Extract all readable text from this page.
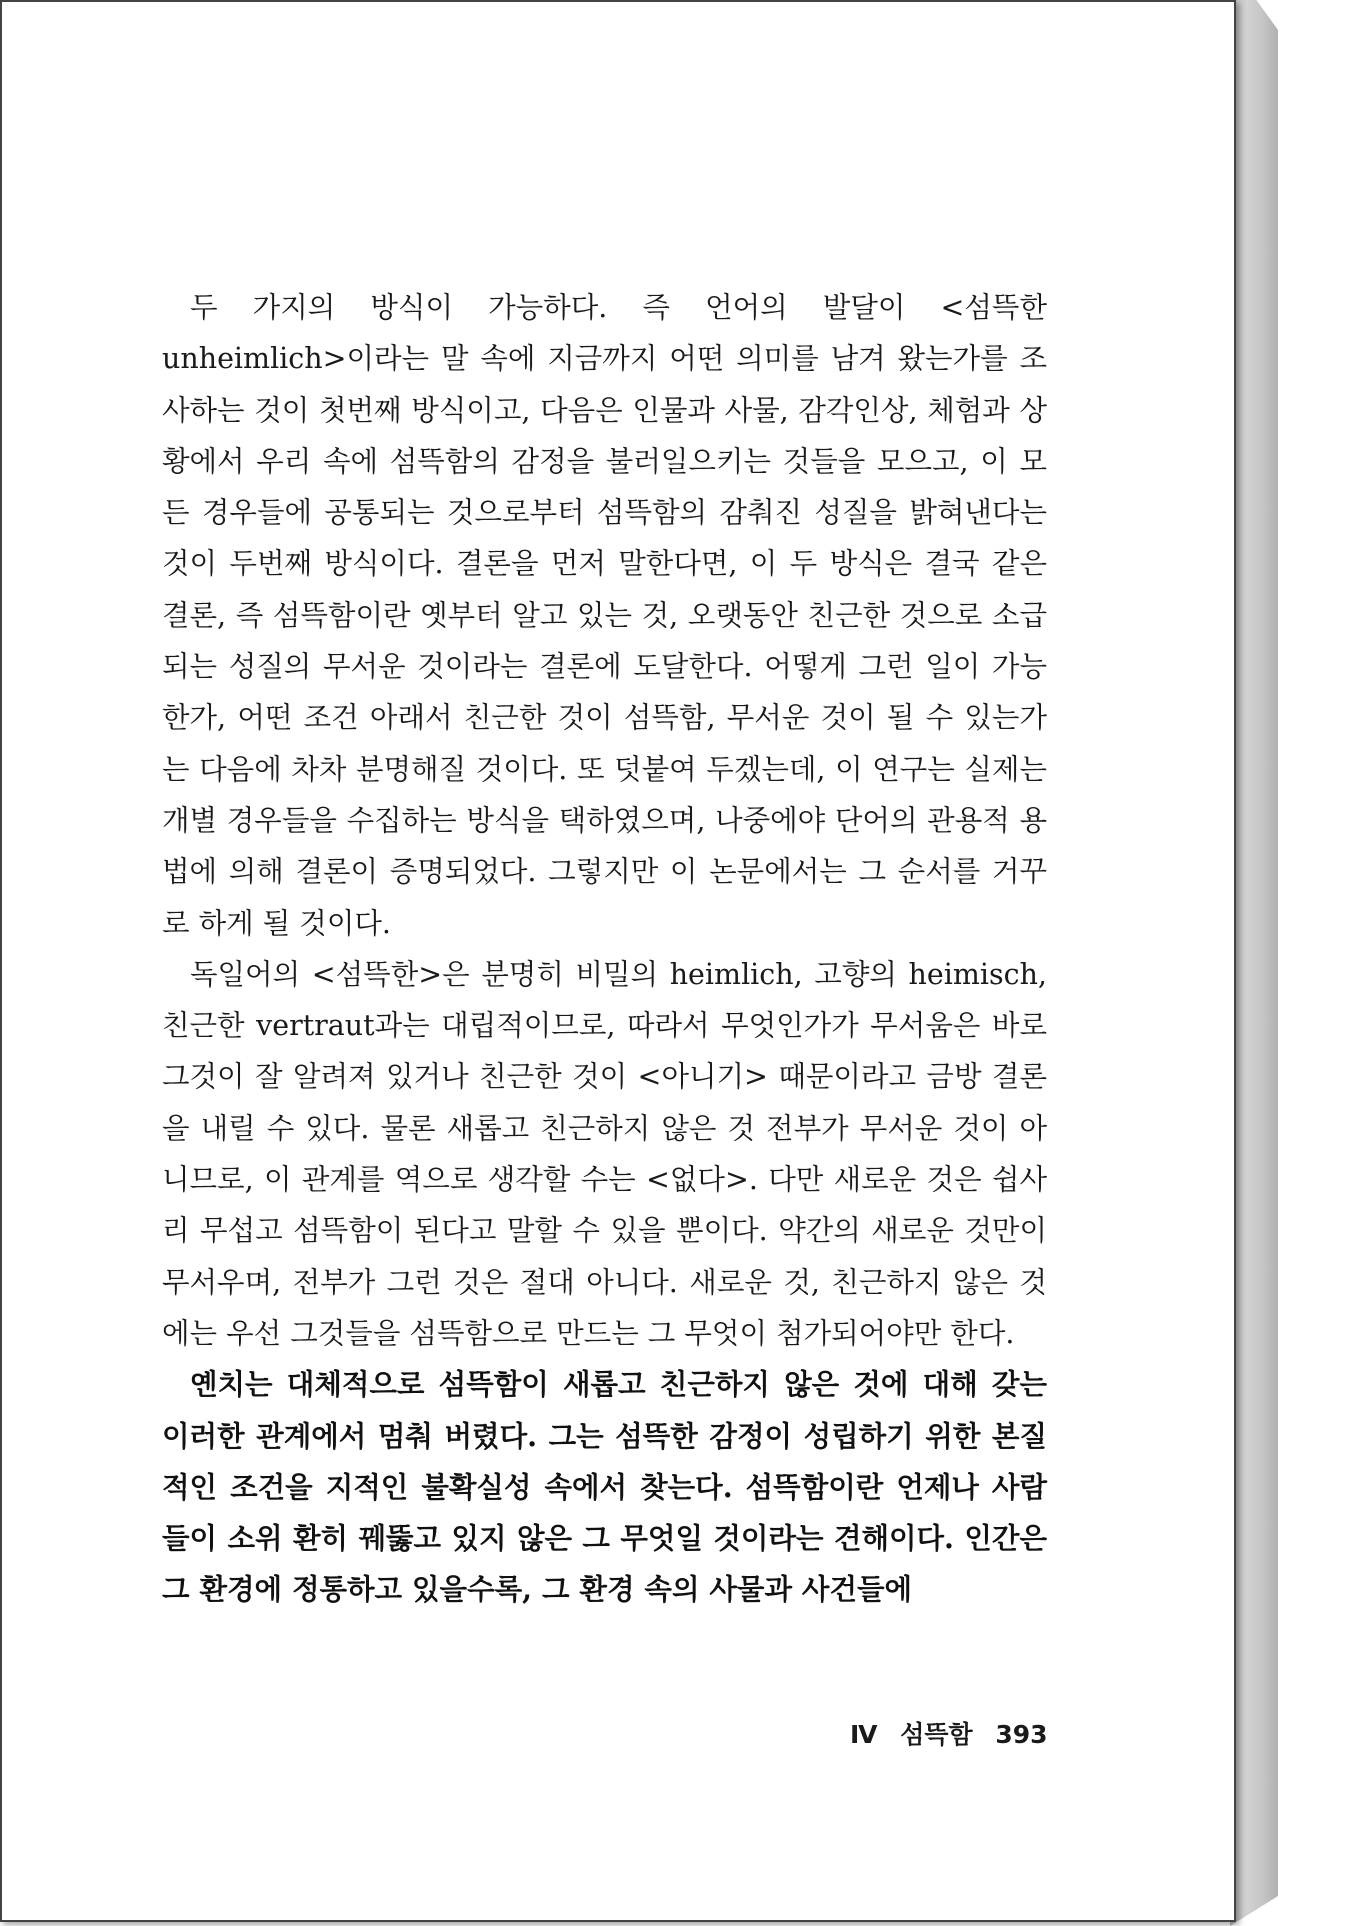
두 가지의 방식이 가능하다. 즉 언어의 발달이 <섬뜩한 unheimlich>이라는 말 속에 지금까지 어떤 의미를 남겨 왔는가를 조사하는 것이 첫번째 방식이고, 다음은 인물과 사물, 감각인상, 체험과 상황에서 우리 속에 섬뜩함의 감정을 불러일으키는 것들을 모으고, 이 모든 경우들에 공통되는 것으로부터 섬뜩함의 감춰진 성질을 밝혀낸다는 것이 두번째 방식이다. 결론을 먼저 말한다면, 이 두 방식은 결국 같은 결론, 즉 섬뜩함이란 옛부터 알고 있는 것, 오랫동안 친근한 것으로 소급되는 성질의 무서운 것이라는 결론에 도달한다. 어떻게 그런 일이 가능한가, 어떤 조건 아래서 친근한 것이 섬뜩함, 무서운 것이 될 수 있는가는 다음에 차차 분명해질 것이다. 또 덧붙여 두겠는데, 이 연구는 실제는 개별 경우들을 수집하는 방식을 택하였으며, 나중에야 단어의 관용적 용법에 의해 결론이 증명되었다. 그렇지만 이 논문에서는 그 순서를 거꾸로 하게 될 것이다.

독일어의 <섬뜩한>은 분명히 비밀의 heimlich, 고향의 heimisch, 친근한 vertraut과는 대립적이므로, 따라서 무엇인가가 무서움은 바로 그것이 잘 알려져 있거나 친근한 것이 <아니기> 때문이라고 금방 결론을 내릴 수 있다. 물론 새롭고 친근하지 않은 것 전부가 무서운 것이 아니므로, 이 관계를 역으로 생각할 수는 <없다>. 다만 새로운 것은 쉽사리 무섭고 섬뜩함이 된다고 말할 수 있을 뿐이다. 약간의 새로운 것만이 무서우며, 전부가 그런 것은 절대 아니다. 새로운 것, 친근하지 않은 것에는 우선 그것들을 섬뜩함으로 만드는 그 무엇이 첨가되어야만 한다.

옌치는 대체적으로 섬뜩함이 새롭고 친근하지 않은 것에 대해 갖는 이러한 관계에서 멈춰 버렸다. 그는 섬뜩한 감정이 성립하기 위한 본질적인 조건을 지적인 불확실성 속에서 찾는다. 섬뜩함이란 언제나 사람들이 소위 환히 꿰뚫고 있지 않은 그 무엇일 것이라는 견해이다. 인간은 그 환경에 정통하고 있을수록, 그 환경 속의 사물과 사건들에

Ⅳ 섬뜩함 393
